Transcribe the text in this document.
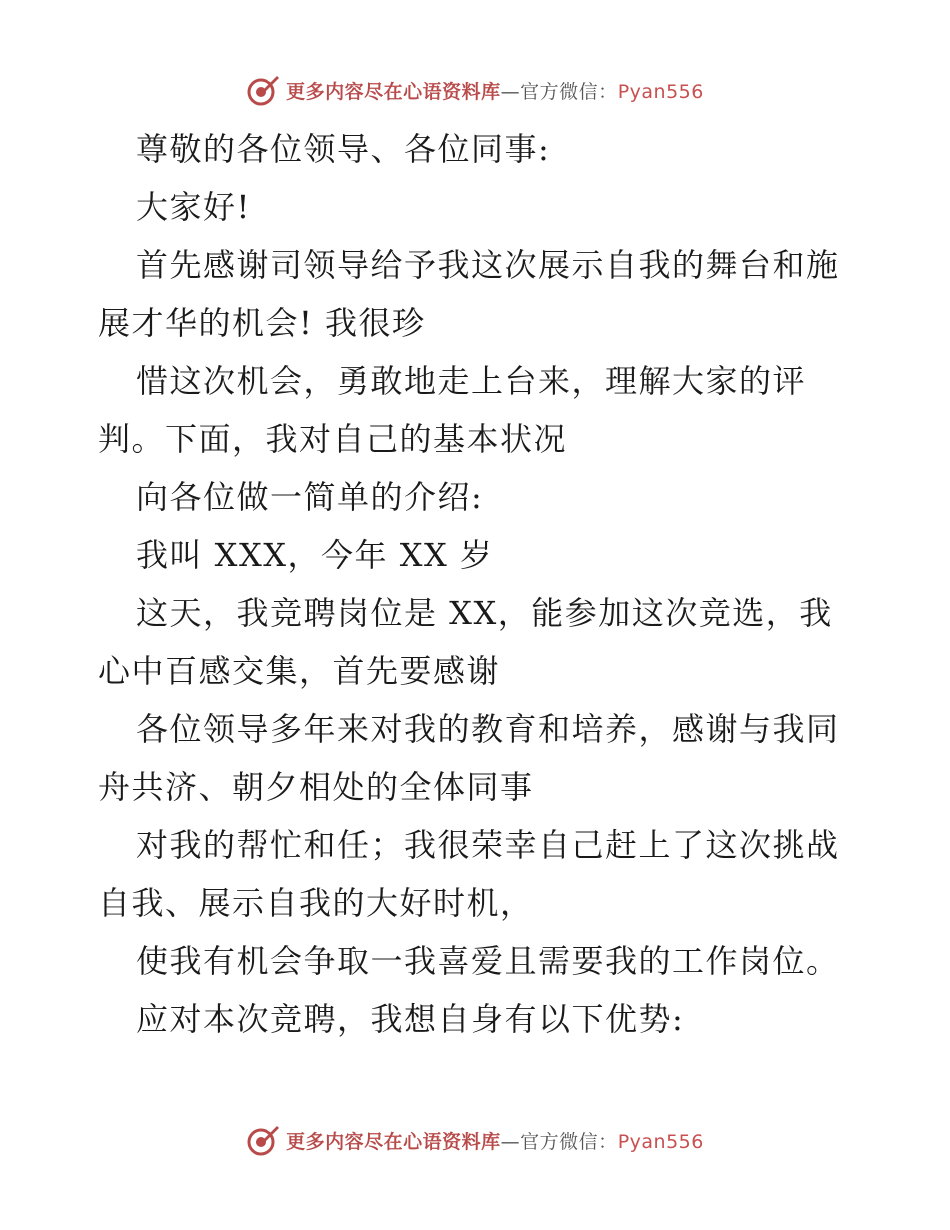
更多内容尽在心语资料库—官方微信：Pyan556
尊敬的各位领导、各位同事:
大家好!
首先感谢司领导给予我这次展示自我的舞台和施
展才华的机会! 我很珍
惜这次机会，勇敢地走上台来，理解大家的评
判。下面，我对自己的基本状况
向各位做一简单的介绍:
我叫 XXX，今年 XX 岁
这天，我竞聘岗位是 XX，能参加这次竞选，我
心中百感交集，首先要感谢
各位领导多年来对我的教育和培养，感谢与我同
舟共济、朝夕相处的全体同事
对我的帮忙和任；我很荣幸自己赶上了这次挑战
自我、展示自我的大好时机，
使我有机会争取一我喜爱且需要我的工作岗位。
应对本次竞聘，我想自身有以下优势:
更多内容尽在心语资料库—官方微信：Pyan556
